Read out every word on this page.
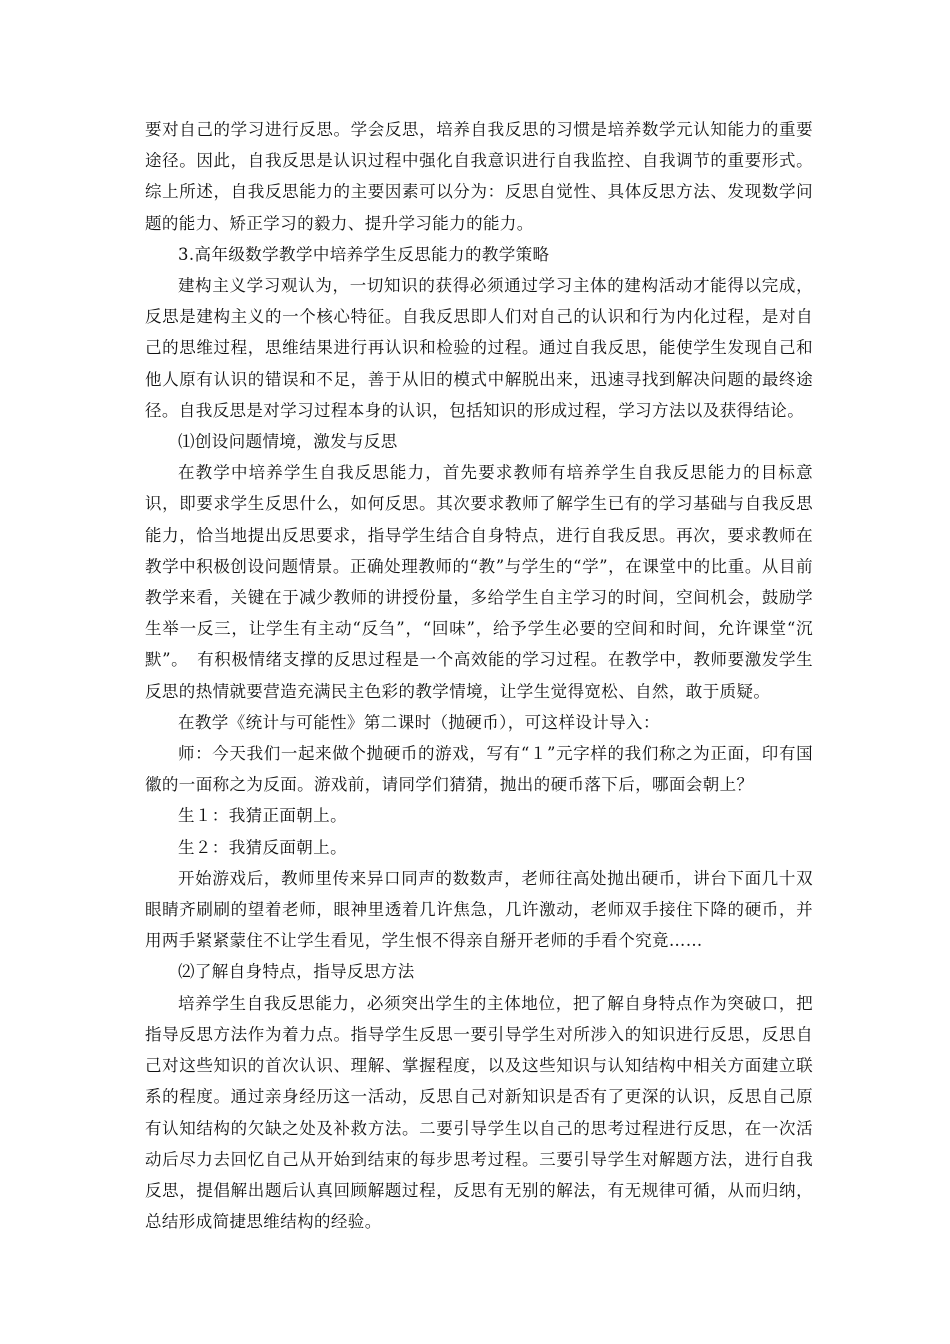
要对自己的学习进行反思。学会反思，培养自我反思的习惯是培养数学元认知能力的重要途径。因此，自我反思是认识过程中强化自我意识进行自我监控、自我调节的重要形式。综上所述，自我反思能力的主要因素可以分为：反思自觉性、具体反思方法、发现数学问题的能力、矫正学习的毅力、提升学习能力的能力。

3.高年级数学教学中培养学生反思能力的教学策略

建构主义学习观认为，一切知识的获得必须通过学习主体的建构活动才能得以完成，反思是建构主义的一个核心特征。自我反思即人们对自己的认识和行为内化过程，是对自己的思维过程，思维结果进行再认识和检验的过程。通过自我反思，能使学生发现自己和他人原有认识的错误和不足，善于从旧的模式中解脱出来，迅速寻找到解决问题的最终途径。自我反思是对学习过程本身的认识，包括知识的形成过程，学习方法以及获得结论。

⑴创设问题情境，激发与反思

在教学中培养学生自我反思能力，首先要求教师有培养学生自我反思能力的目标意识，即要求学生反思什么，如何反思。其次要求教师了解学生已有的学习基础与自我反思能力，恰当地提出反思要求，指导学生结合自身特点，进行自我反思。再次，要求教师在教学中积极创设问题情景。正确处理教师的“教”与学生的“学”，在课堂中的比重。从目前教学来看，关键在于减少教师的讲授份量，多给学生自主学习的时间，空间机会，鼓励学生举一反三，让学生有主动“反刍”，“回味”，给予学生必要的空间和时间，允许课堂“沉默”。　有积极情绪支撑的反思过程是一个高效能的学习过程。在教学中，教师要激发学生反思的热情就要营造充满民主色彩的教学情境，让学生觉得宽松、自然，敢于质疑。

在教学《统计与可能性》第二课时（抛硬币），可这样设计导入：

师：今天我们一起来做个抛硬币的游戏，写有“１”元字样的我们称之为正面，印有国徽的一面称之为反面。游戏前，请同学们猜猜，抛出的硬币落下后，哪面会朝上？

生１：我猜正面朝上。

生２：我猜反面朝上。

开始游戏后，教师里传来异口同声的数数声，老师往高处抛出硬币，讲台下面几十双眼睛齐刷刷的望着老师，眼神里透着几许焦急，几许激动，老师双手接住下降的硬币，并用两手紧紧蒙住不让学生看见，学生恨不得亲自掰开老师的手看个究竟……

⑵了解自身特点，指导反思方法

培养学生自我反思能力，必须突出学生的主体地位，把了解自身特点作为突破口，把指导反思方法作为着力点。指导学生反思一要引导学生对所涉入的知识进行反思，反思自己对这些知识的首次认识、理解、掌握程度，以及这些知识与认知结构中相关方面建立联系的程度。通过亲身经历这一活动，反思自己对新知识是否有了更深的认识，反思自己原有认知结构的欠缺之处及补救方法。二要引导学生以自己的思考过程进行反思，在一次活动后尽力去回忆自己从开始到结束的每步思考过程。三要引导学生对解题方法，进行自我反思，提倡解出题后认真回顾解题过程，反思有无别的解法，有无规律可循，从而归纳，总结形成简捷思维结构的经验。
